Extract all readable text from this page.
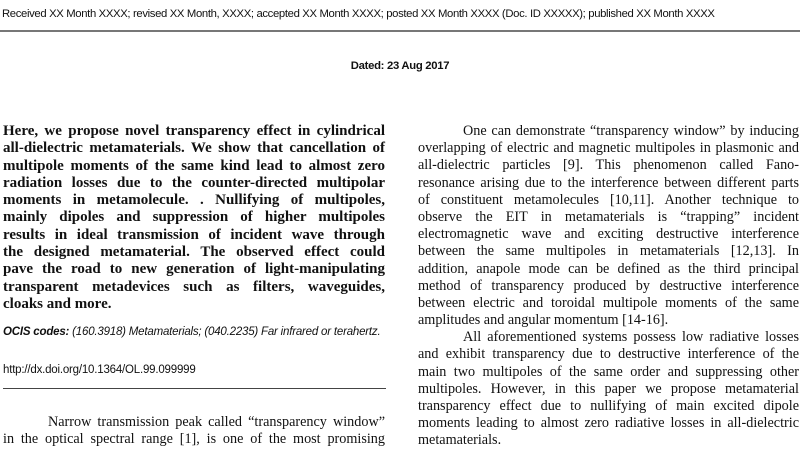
Received XX Month XXXX; revised XX Month, XXXX; accepted XX Month XXXX; posted XX Month XXXX (Doc. ID XXXXX); published XX Month XXXX
Dated: 23 Aug 2017
Here, we propose novel transparency effect in cylindrical
all-dielectric metamaterials. We show that cancellation of
multipole moments of the same kind lead to almost zero
radiation losses due to the counter-directed multipolar
moments in metamolecule. . Nullifying of multipoles,
mainly dipoles and suppression of higher multipoles
results in ideal transmission of incident wave through
the designed metamaterial. The observed effect could
pave the road to new generation of light-manipulating
transparent metadevices such as filters, waveguides,
cloaks and more.
OCIS codes: (160.3918) Metamaterials; (040.2235) Far infrared or terahertz.
http://dx.doi.org/10.1364/OL.99.099999
Narrow transmission peak called “transparency window”
in the optical spectral range [1], is one of the most promising
One can demonstrate “transparency window” by inducing
overlapping of electric and magnetic multipoles in plasmonic and
all-dielectric particles [9]. This phenomenon called Fano-
resonance arising due to the interference between different parts
of constituent metamolecules [10,11]. Another technique to
observe the EIT in metamaterials is “trapping” incident
electromagnetic wave and exciting destructive interference
between the same multipoles in metamaterials [12,13]. In
addition, anapole mode can be defined as the third principal
method of transparency produced by destructive interference
between electric and toroidal multipole moments of the same
amplitudes and angular momentum [14-16].
All aforementioned systems possess low radiative losses
and exhibit transparency due to destructive interference of the
main two multipoles of the same order and suppressing other
multipoles. However, in this paper we propose metamaterial
transparency effect due to nullifying of main excited dipole
moments leading to almost zero radiative losses in all-dielectric
metamaterials.
